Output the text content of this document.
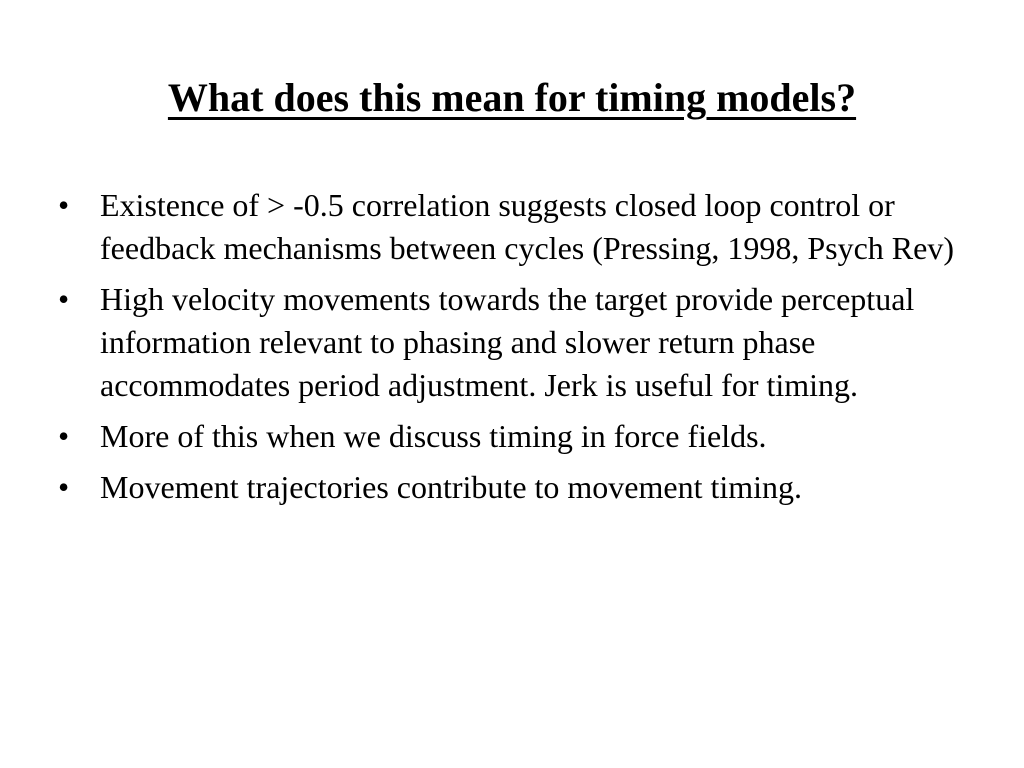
What does this mean for timing models?
• Existence of > -0.5 correlation suggests closed loop control or feedback mechanisms between cycles (Pressing, 1998, Psych Rev)
• High velocity movements towards the target provide perceptual information relevant to phasing and slower return phase accommodates period adjustment. Jerk is useful for timing.
• More of this when we discuss timing in force fields.
• Movement trajectories contribute to movement timing.
